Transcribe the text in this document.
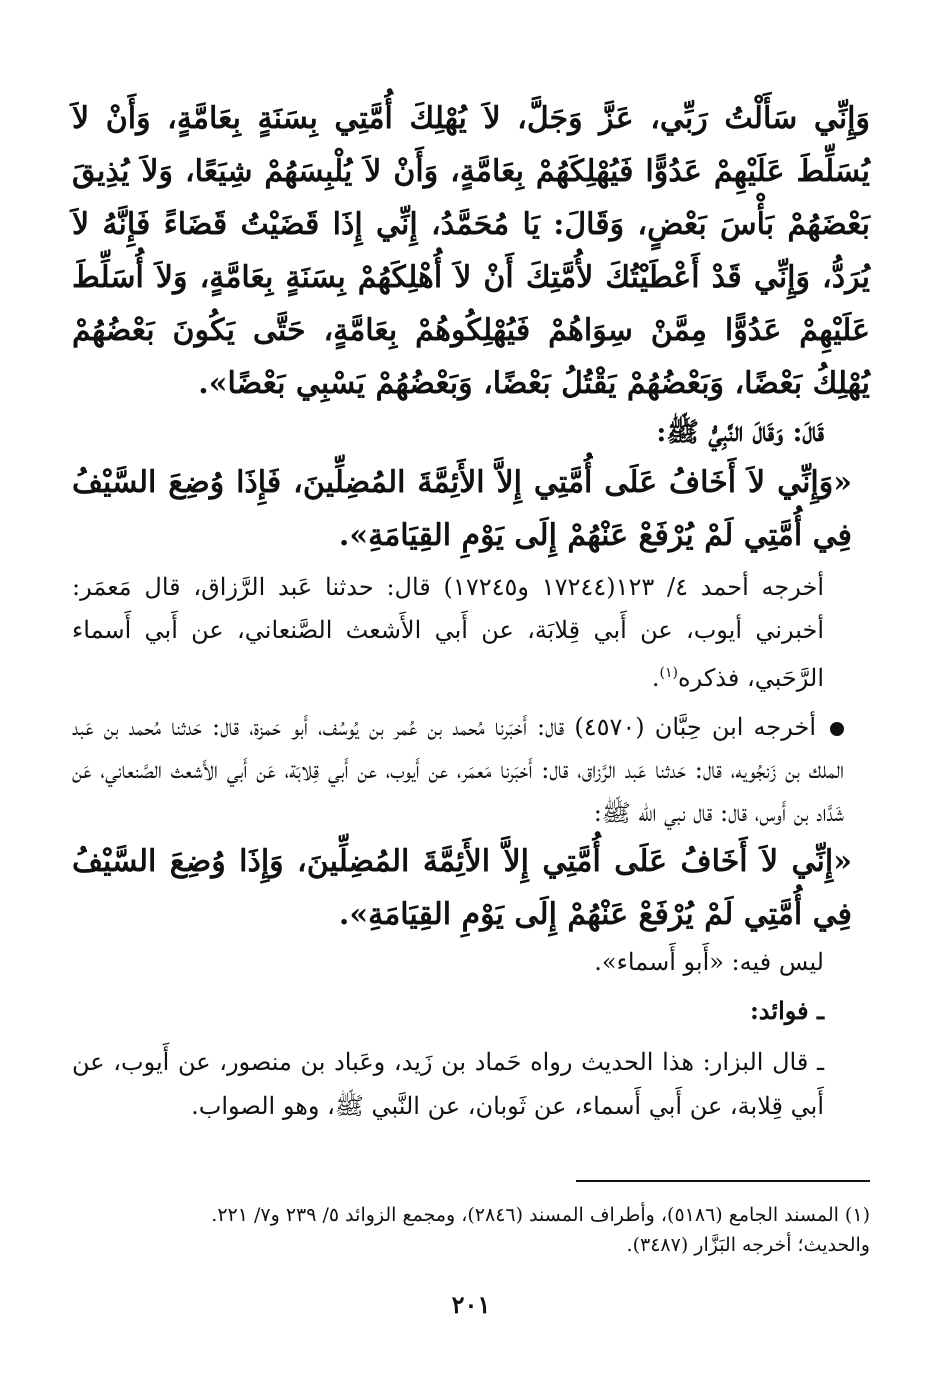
وَإِنِّي سَأَلْتُ رَبِّي، عَزَّ وَجَلَّ، لاَ يُهْلِكَ أُمَّتِي بِسَنَةٍ بِعَامَّةٍ، وَأَنْ لاَ يُسَلِّطَ عَلَيْهِمْ عَدُوًّا فَيُهْلِكَهُمْ بِعَامَّةٍ، وَأَنْ لاَ يُلْبِسَهُمْ شِيَعًا، وَلاَ يُذِيقَ بَعْضَهُمْ بَأْسَ بَعْضٍ، وَقَالَ: يَا مُحَمَّدُ، إِنِّي إِذَا قَضَيْتُ قَضَاءً فَإِنَّهُ لاَ يُرَدُّ، وَإِنِّي قَدْ أَعْطَيْتُكَ لأُمَّتِكَ أَنْ لاَ أُهْلِكَهُمْ بِسَنَةٍ بِعَامَّةٍ، وَلاَ أُسَلِّطَ عَلَيْهِمْ عَدُوًّا مِمَّنْ سِوَاهُمْ فَيُهْلِكُوهُمْ بِعَامَّةٍ، حَتَّى يَكُونَ بَعْضُهُمْ يُهْلِكُ بَعْضًا، وَبَعْضُهُمْ يَقْتُلُ بَعْضًا، وَبَعْضُهُمْ يَسْبِي بَعْضًا».

قَالَ: وَقَالَ النَّبِيُّ ﷺ:

«وَإِنِّي لاَ أَخَافُ عَلَى أُمَّتِي إِلاَّ الأَئِمَّةَ المُضِلِّينَ، فَإِذَا وُضِعَ السَّيْفُ فِي أُمَّتِي لَمْ يُرْفَعْ عَنْهُمْ إِلَى يَوْمِ القِيَامَةِ».

أخرجه أحمد ٤/ ١٢٣(١٧٢٤٤ و١٧٢٤٥) قال: حدثنا عَبد الرَّزاق، قال مَعمَر: أخبرني أيوب، عن أَبي قِلابَة، عن أَبي الأَشعث الصَّنعاني، عن أَبي أَسماء الرَّحَبي، فذكره$^{(١)}$.

أخرجه ابن حِبَّان (٤٥٧٠) قال: أَخبَرنا مُحمد بن عُمر بن يُوسُف، أَبو حَمزة، قال: حَدثنا مُحمد بن عَبد الملك بن زَنجُويه، قال: حَدثنا عَبد الرَّزاق، قال: أَخبَرنا مَعمَر، عن أَيوب، عن أَبي قِلابَة، عَن أَبي الأَشعث الصَّنعاني، عَن شَدَّاد بن أَوس، قال: قال نبي الله ﷺ:

«إِنِّي لاَ أَخَافُ عَلَى أُمَّتِي إِلاَّ الأَئِمَّةَ المُضِلِّينَ، وَإِذَا وُضِعَ السَّيْفُ فِي أُمَّتِي لَمْ يُرْفَعْ عَنْهُمْ إِلَى يَوْمِ القِيَامَةِ».

ليس فيه: «أَبو أَسماء».

ـ فوائد:

ـ قال البزار: هذا الحديث رواه حَماد بن زَيد، وعَباد بن منصور، عن أَيوب، عن أَبي قِلابة، عن أَبي أَسماء، عن ثَوبان، عن النَّبي ﷺ، وهو الصواب.

(١) المسند الجامع (٥١٨٦)، وأطراف المسند (٢٨٤٦)، ومجمع الزوائد ٥/ ٢٣٩ و٧/ ٢٢١.
والحديث؛ أخرجه البَزَّار (٣٤٨٧).
٢٠١
